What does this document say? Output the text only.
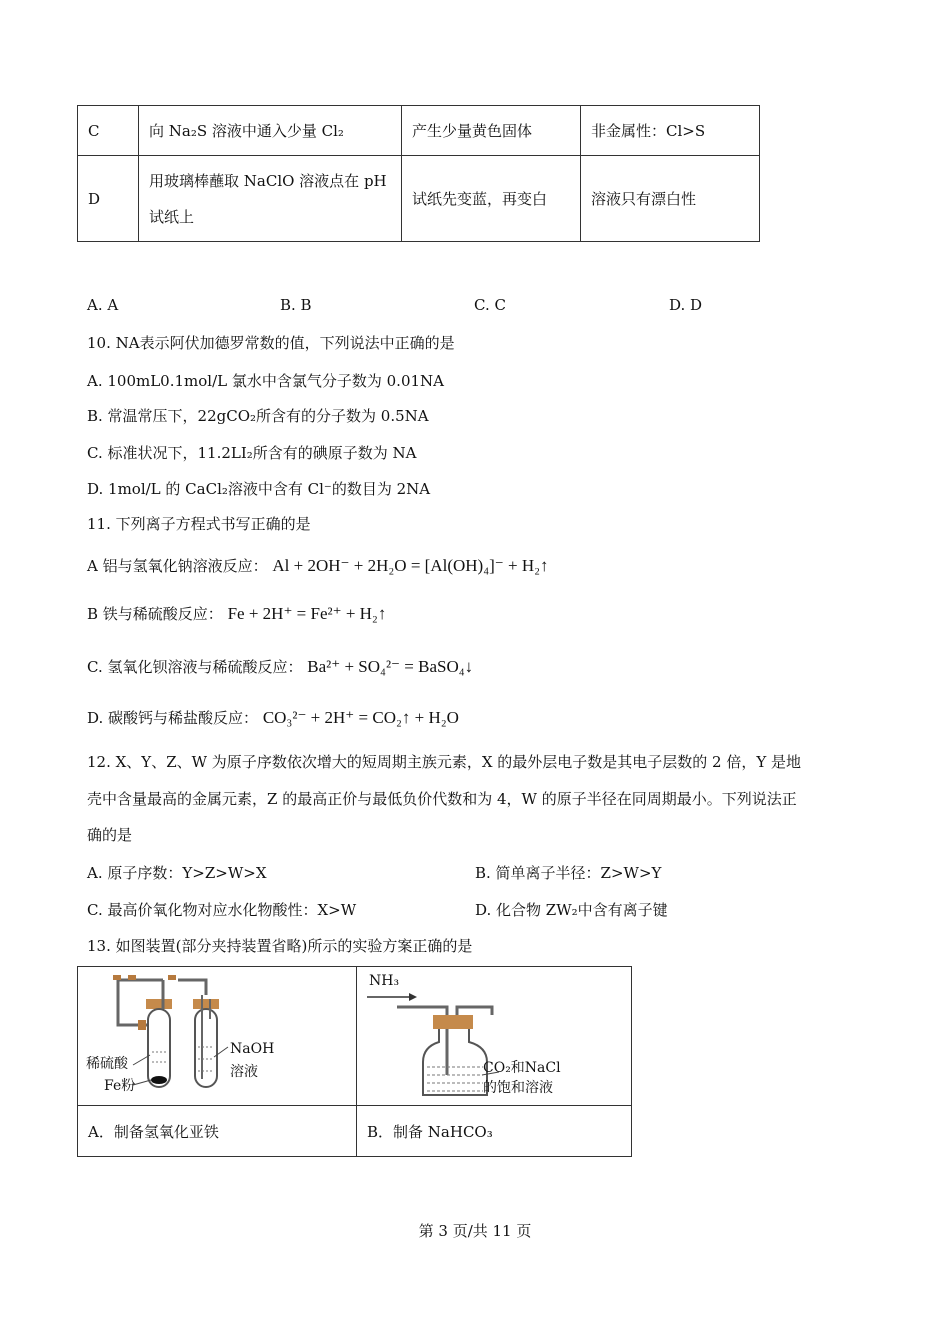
C	向 Na₂S 溶液中通入少量 Cl₂	产生少量黄色固体	非金属性：Cl>S
D	用玻璃棒蘸取 NaClO 溶液点在 pH 试纸上	试纸先变蓝，再变白	溶液只有漂白性
A. A	B. B	C. C	D. D
10. NA表示阿伏加德罗常数的值，下列说法中正确的是
A. 100mL0.1mol/L 氯水中含氯气分子数为 0.01NA
B. 常温常压下，22gCO₂所含有的分子数为 0.5NA
C. 标准状况下，11.2LI₂所含有的碘原子数为 NA
D. 1mol/L 的 CaCl₂溶液中含有 Cl⁻的数目为 2NA
11. 下列离子方程式书写正确的是
A 铝与氢氧化钠溶液反应： Al + 2OH⁻ + 2H₂O = [Al(OH)₄]⁻ + H₂↑
B 铁与稀硫酸反应： Fe + 2H⁺ = Fe²⁺ + H₂↑
C. 氢氧化钡溶液与稀硫酸反应： Ba²⁺ + SO₄²⁻ = BaSO₄↓
D. 碳酸钙与稀盐酸反应： CO₃²⁻ + 2H⁺ = CO₂↑ + H₂O
12. X、Y、Z、W 为原子序数依次增大的短周期主族元素，X 的最外层电子数是其电子层数的 2 倍，Y 是地
壳中含量最高的金属元素，Z 的最高正价与最低负价代数和为 4，W 的原子半径在同周期最小。下列说法正
确的是
A. 原子序数：Y>Z>W>X	B. 简单离子半径：Z>W>Y
C. 最高价氧化物对应水化物酸性：X>W	D. 化合物 ZW₂中含有离子键
13. 如图装置(部分夹持装置省略)所示的实验方案正确的是
稀硫酸
Fe粉
NaOH
溶液	NH₃
CO₂和NaCl
的饱和溶液

A．制备氢氧化亚铁	B．制备 NaHCO₃
第 3 页/共 11 页
